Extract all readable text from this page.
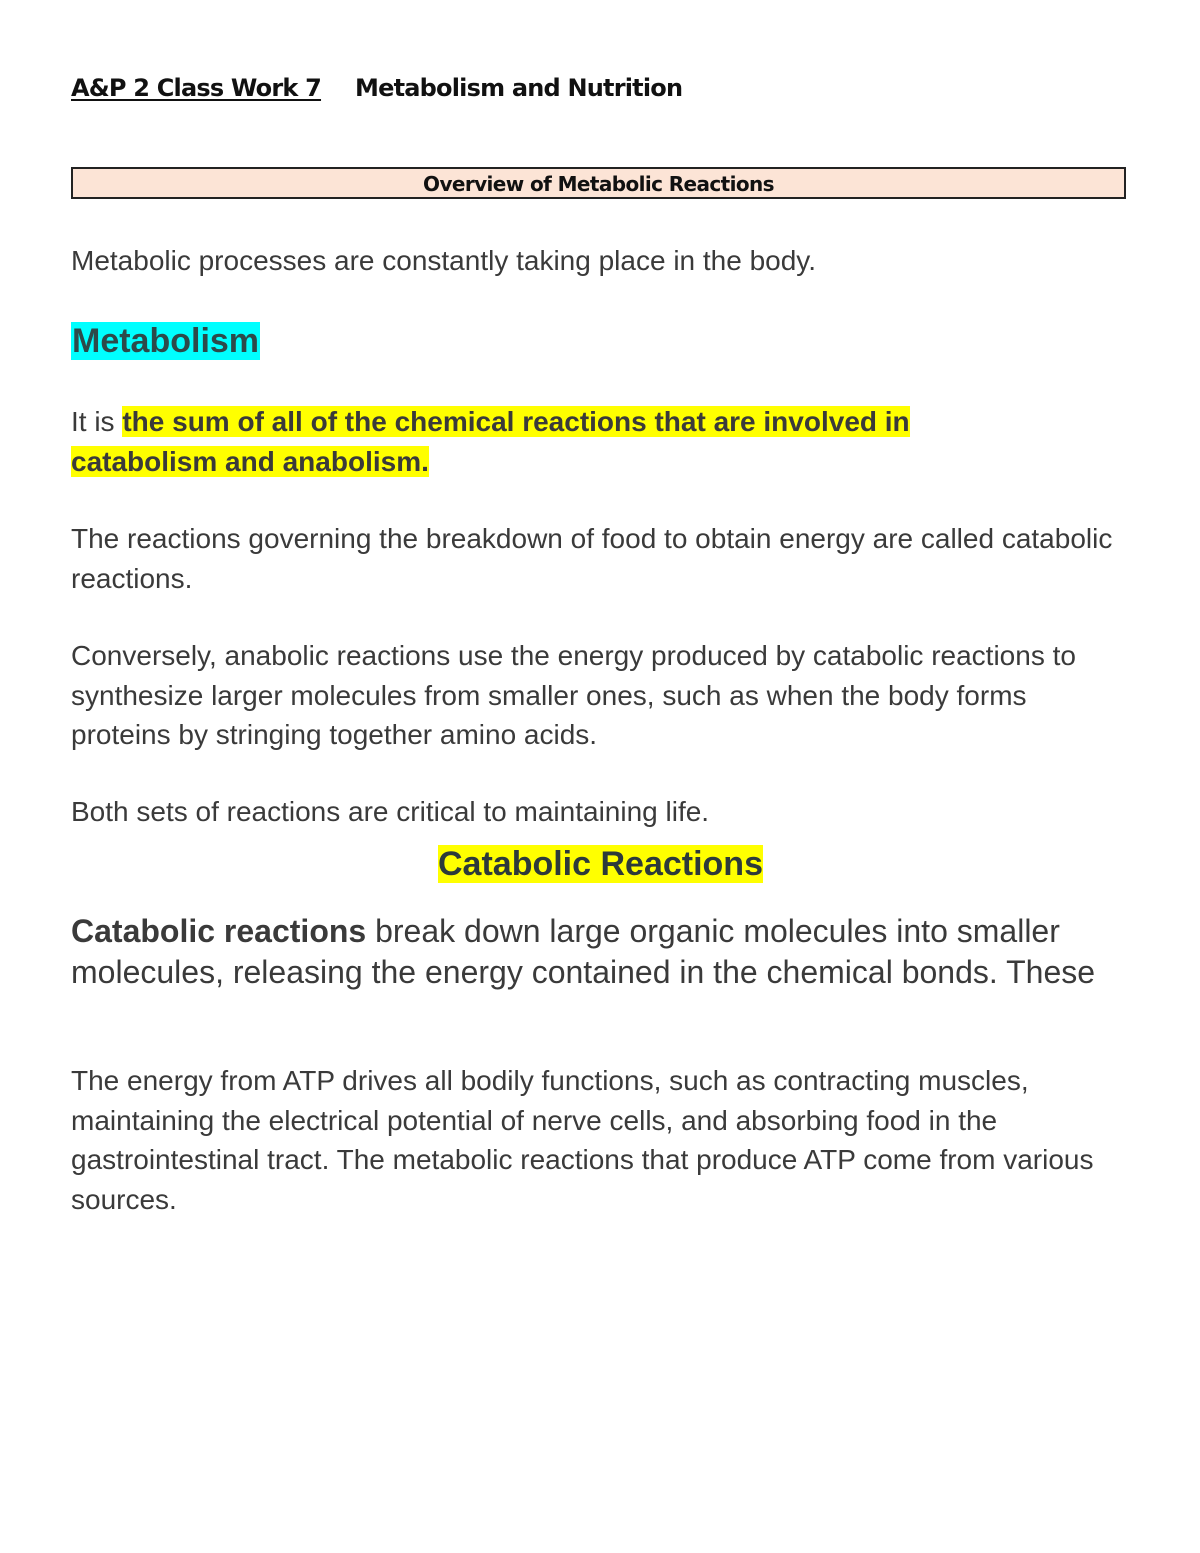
A&P 2 Class Work 7 Metabolism and Nutrition
Overview of Metabolic Reactions

Metabolic processes are constantly taking place in the body.

Metabolism

It is the sum of all of the chemical reactions that are involved in
catabolism and anabolism.

The reactions governing the breakdown of food to obtain energy are called catabolic reactions.

Conversely, anabolic reactions use the energy produced by catabolic reactions to synthesize larger molecules from smaller ones, such as when the body forms proteins by stringing together amino acids.

Both sets of reactions are critical to maintaining life.

Catabolic Reactions

Catabolic reactions break down large organic molecules into smaller molecules, releasing the energy contained in the chemical bonds. These

The energy from ATP drives all bodily functions, such as contracting muscles, maintaining the electrical potential of nerve cells, and absorbing food in the gastrointestinal tract. The metabolic reactions that produce ATP come from various sources.
